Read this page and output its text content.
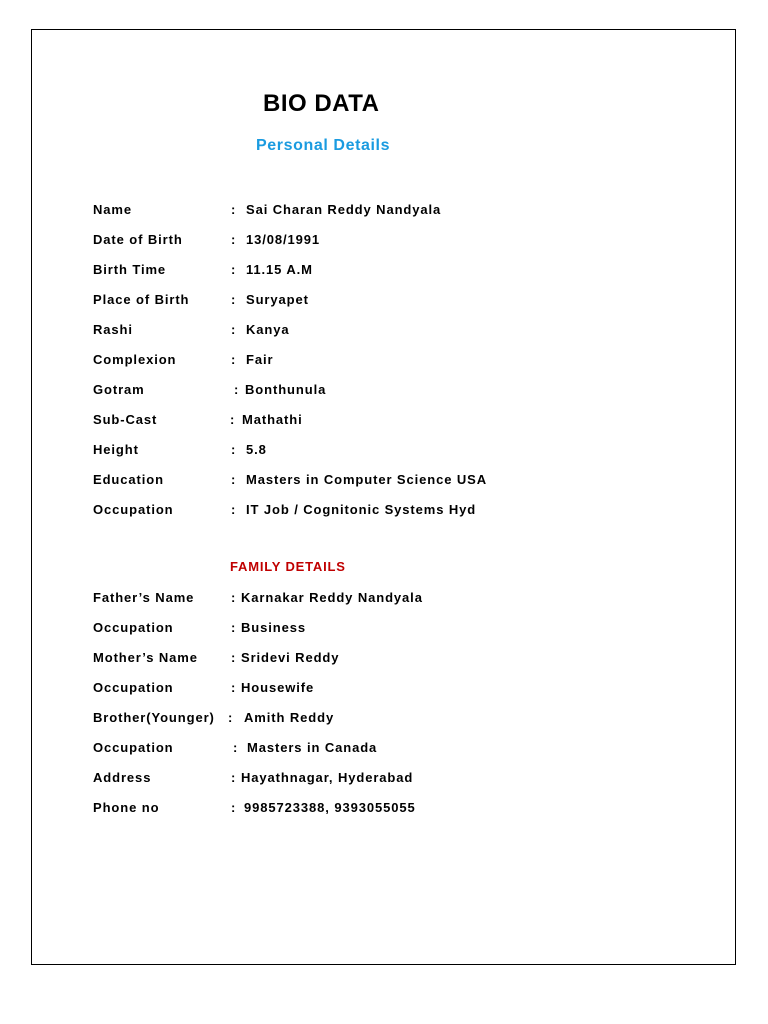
BIO DATA
Personal Details
Name	: Sai Charan Reddy Nandyala
Date of Birth	: 13/08/1991
Birth Time	: 11.15 A.M
Place of Birth	: Suryapet
Rashi	: Kanya
Complexion	: Fair
Gotram	: Bonthunula
Sub-Cast	: Mathathi
Height	: 5.8
Education	: Masters in Computer Science USA
Occupation	: IT Job / Cognitonic Systems Hyd
FAMILY DETAILS
Father’s Name	: Karnakar Reddy Nandyala
Occupation	: Business
Mother’s Name	: Sridevi Reddy
Occupation	: Housewife
Brother(Younger) : Amith Reddy
Occupation	: Masters in Canada
Address	: Hayathnagar, Hyderabad
Phone no	: 9985723388, 9393055055
